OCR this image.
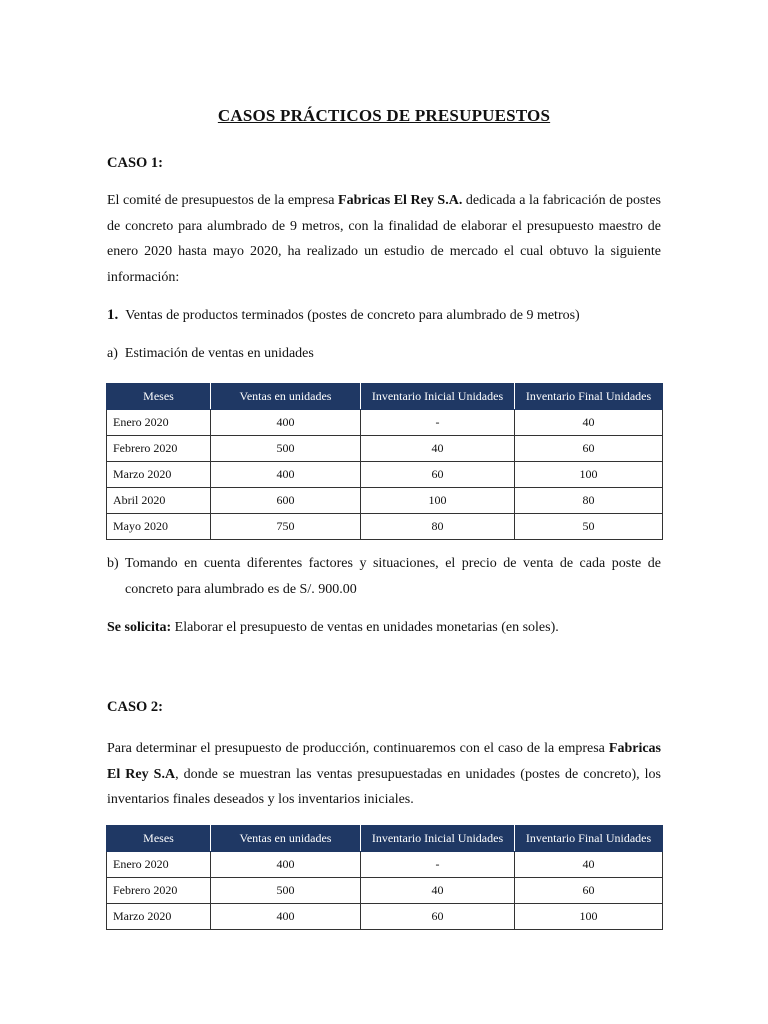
CASOS PRÁCTICOS DE PRESUPUESTOS
CASO 1:
El comité de presupuestos de la empresa Fabricas El Rey S.A. dedicada a la fabricación de postes de concreto para alumbrado de 9 metros, con la finalidad de elaborar el presupuesto maestro de enero 2020 hasta mayo 2020, ha realizado un estudio de mercado el cual obtuvo la siguiente información:
1. Ventas de productos terminados (postes de concreto para alumbrado de 9 metros)
a) Estimación de ventas en unidades
Meses	Ventas en unidades	Inventario Inicial Unidades	Inventario Final Unidades
Enero 2020	400	-	40
Febrero 2020	500	40	60
Marzo 2020	400	60	100
Abril 2020	600	100	80
Mayo 2020	750	80	50
b) Tomando en cuenta diferentes factores y situaciones, el precio de venta de cada poste de concreto para alumbrado es de S/. 900.00
Se solicita: Elaborar el presupuesto de ventas en unidades monetarias (en soles).
CASO 2:
Para determinar el presupuesto de producción, continuaremos con el caso de la empresa Fabricas El Rey S.A, donde se muestran las ventas presupuestadas en unidades (postes de concreto), los inventarios finales deseados y los inventarios iniciales.
Meses	Ventas en unidades	Inventario Inicial Unidades	Inventario Final Unidades
Enero 2020	400	-	40
Febrero 2020	500	40	60
Marzo 2020	400	60	100
